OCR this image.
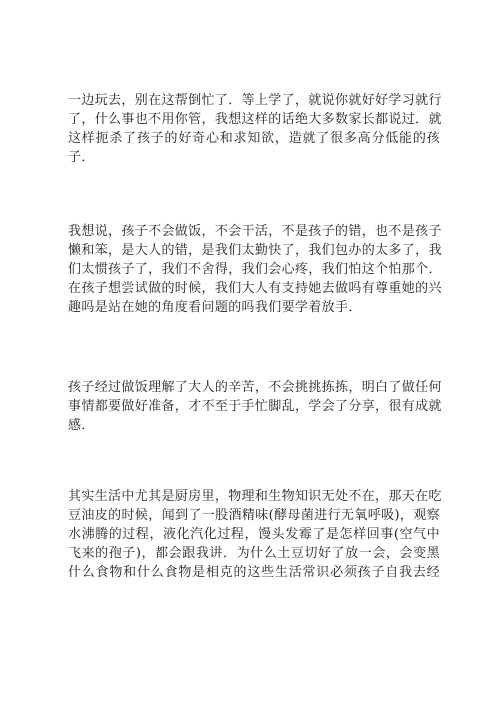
一边玩去，别在这帮倒忙了．等上学了，就说你就好好学习就行
了，什么事也不用你管，我想这样的话绝大多数家长都说过．就
这样扼杀了孩子的好奇心和求知欲，造就了很多高分低能的孩
子．
我想说，孩子不会做饭，不会干活，不是孩子的错，也不是孩子
懒和笨，是大人的错，是我们太勤快了，我们包办的太多了，我
们太惯孩子了，我们不舍得，我们会心疼，我们怕这个怕那个．
在孩子想尝试做的时候，我们大人有支持她去做吗有尊重她的兴
趣吗是站在她的角度看问题的吗我们要学着放手．
孩子经过做饭理解了大人的辛苦，不会挑挑拣拣，明白了做任何
事情都要做好准备，才不至于手忙脚乱，学会了分享，很有成就
感．
其实生活中尤其是厨房里，物理和生物知识无处不在，那天在吃
豆油皮的时候，闻到了一股酒精味(酵母菌进行无氧呼吸)，观察
水沸腾的过程，液化汽化过程，馒头发霉了是怎样回事(空气中
飞来的孢子)，都会跟我讲．为什么土豆切好了放一会，会变黑
什么食物和什么食物是相克的这些生活常识必须孩子自我去经
